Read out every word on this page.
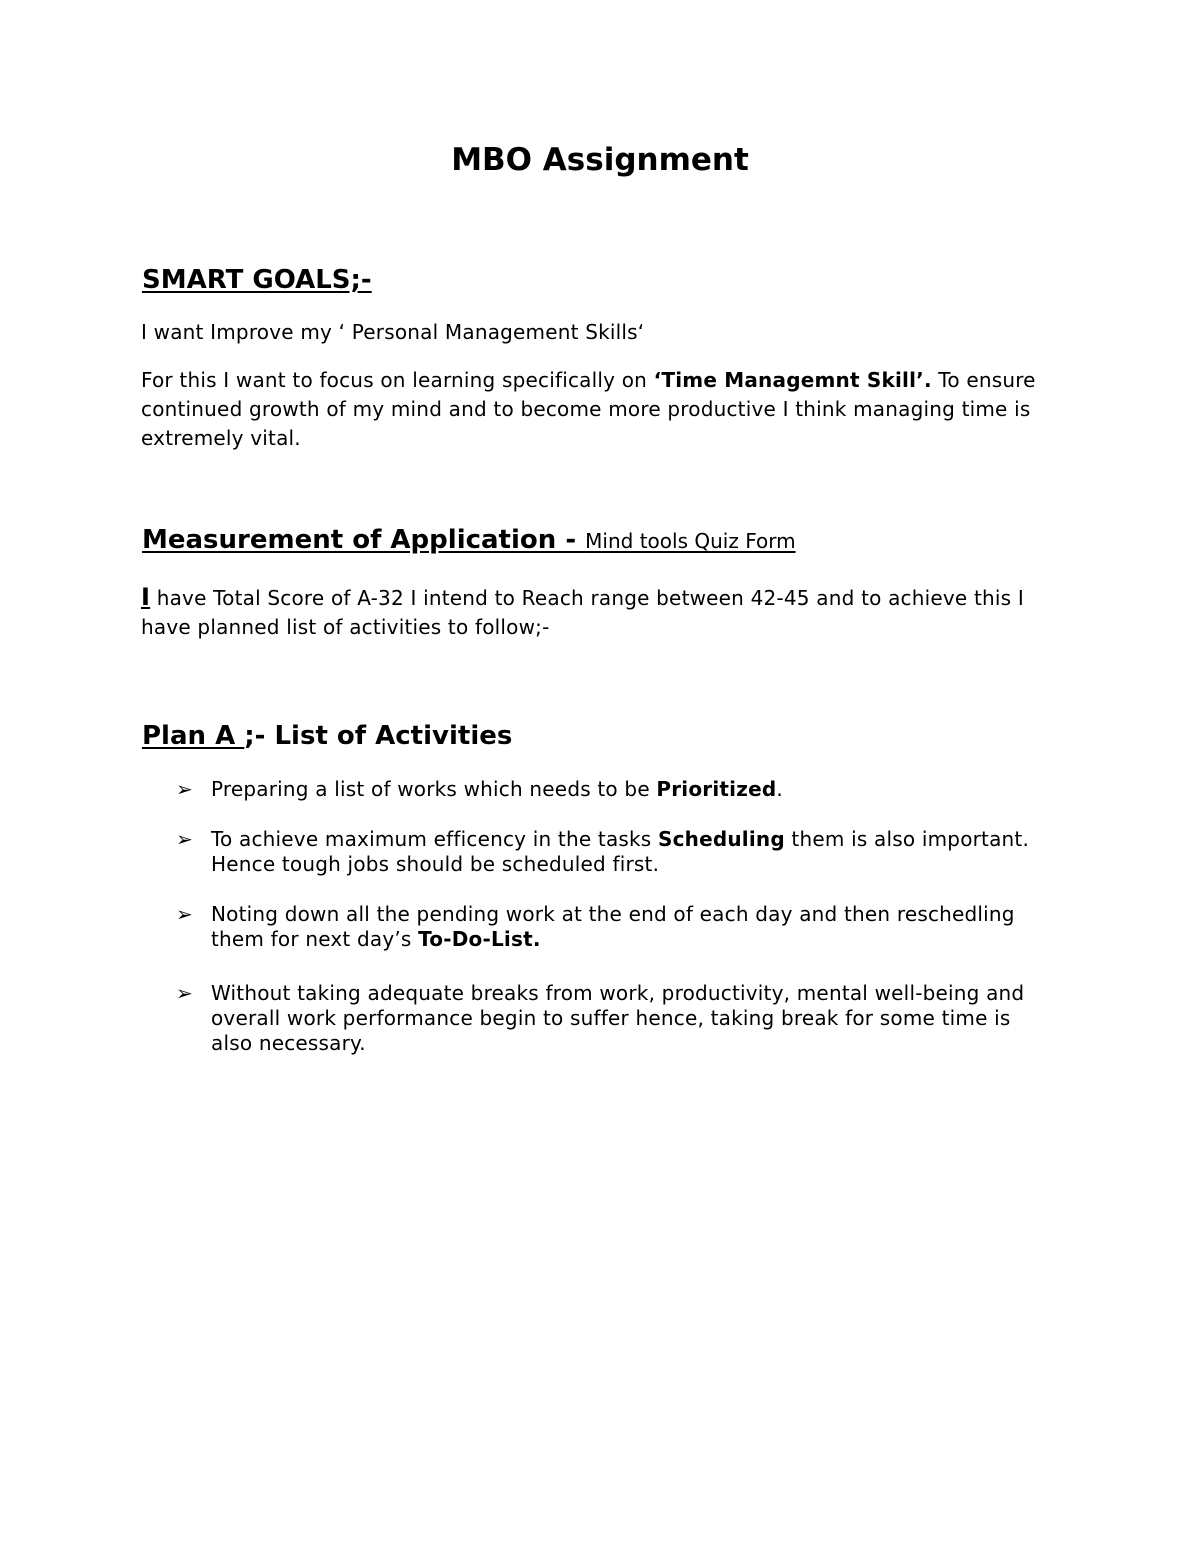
MBO Assignment
SMART GOALS;-
I want Improve my ‘ Personal Management Skills‘
For this I want to focus on learning specifically on ‘Time Managemnt Skill’. To ensure continued growth of my mind and to become more productive I think managing time is extremely vital.
Measurement of Application - Mind tools Quiz Form
I have Total Score of A-32 I intend to Reach range between 42-45 and to achieve this I have planned list of activities to follow;-
Plan A ;- List of Activities
➢ Preparing a list of works which needs to be Prioritized.
➢ To achieve maximum efficency in the tasks Scheduling them is also important. Hence tough jobs should be scheduled first.
➢ Noting down all the pending work at the end of each day and then reschedling them for next day’s To-Do-List.
➢ Without taking adequate breaks from work, productivity, mental well-being and overall work performance begin to suffer hence, taking break for some time is also necessary.
